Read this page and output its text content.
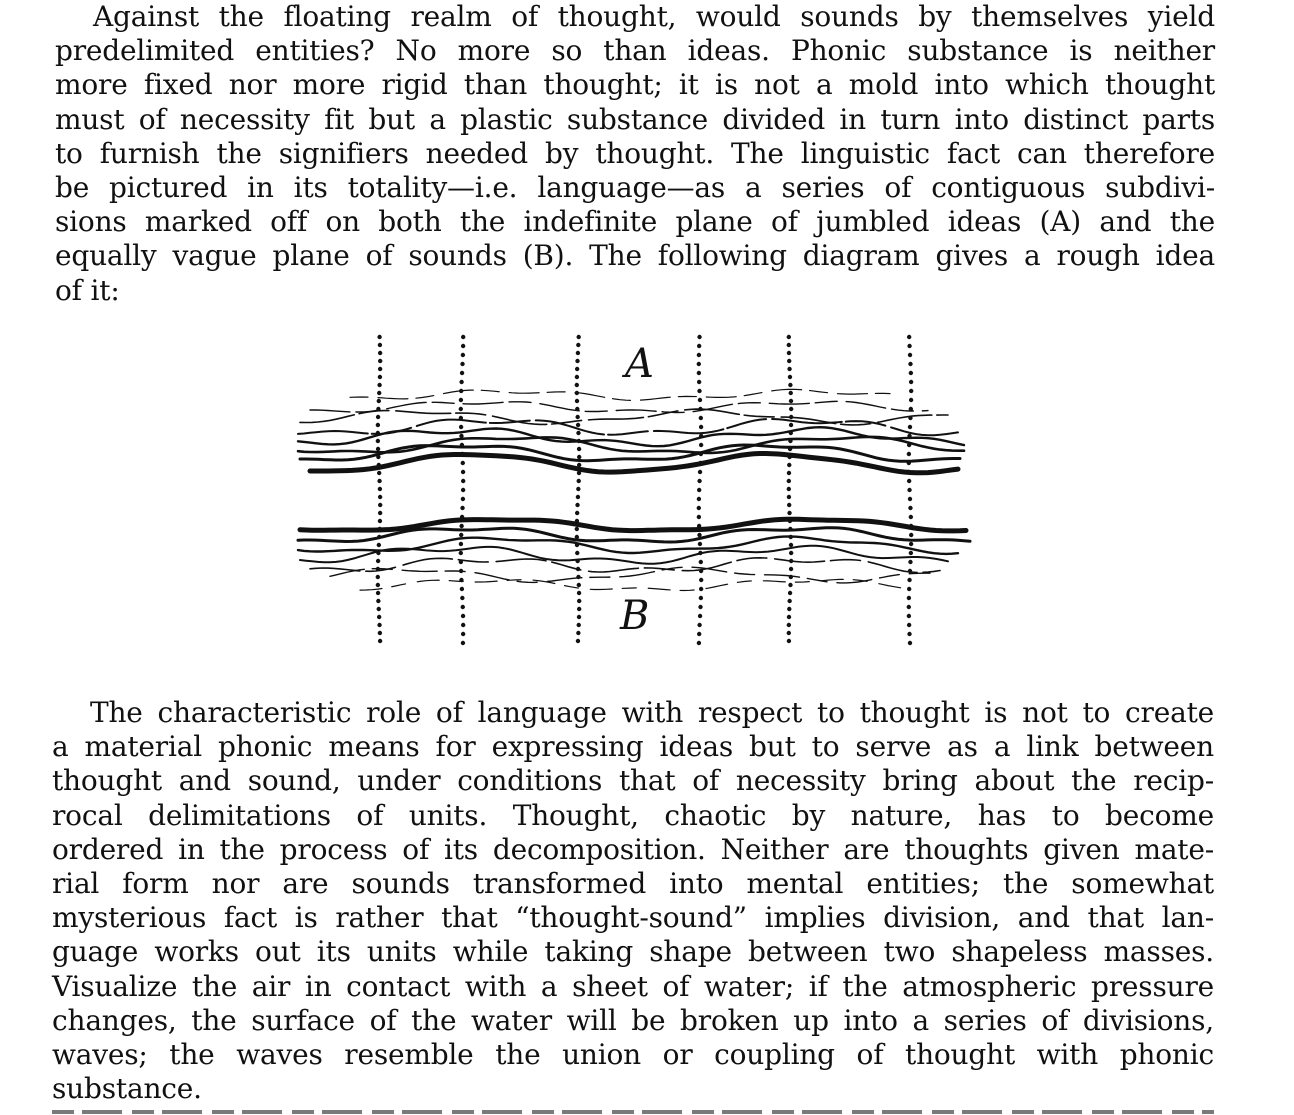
Against the floating realm of thought, would sounds by themselves yield
predelimited entities? No more so than ideas. Phonic substance is neither
more fixed nor more rigid than thought; it is not a mold into which thought
must of necessity fit but a plastic substance divided in turn into distinct parts
to furnish the signifiers needed by thought. The linguistic fact can therefore
be pictured in its totality—i.e. language—as a series of contiguous subdivi-
sions marked off on both the indefinite plane of jumbled ideas (A) and the
equally vague plane of sounds (B). The following diagram gives a rough idea
of it:
A
B
The characteristic role of language with respect to thought is not to create
a material phonic means for expressing ideas but to serve as a link between
thought and sound, under conditions that of necessity bring about the recip-
rocal delimitations of units. Thought, chaotic by nature, has to become
ordered in the process of its decomposition. Neither are thoughts given mate-
rial form nor are sounds transformed into mental entities; the somewhat
mysterious fact is rather that “thought-sound” implies division, and that lan-
guage works out its units while taking shape between two shapeless masses.
Visualize the air in contact with a sheet of water; if the atmospheric pressure
changes, the surface of the water will be broken up into a series of divisions,
waves; the waves resemble the union or coupling of thought with phonic
substance.
